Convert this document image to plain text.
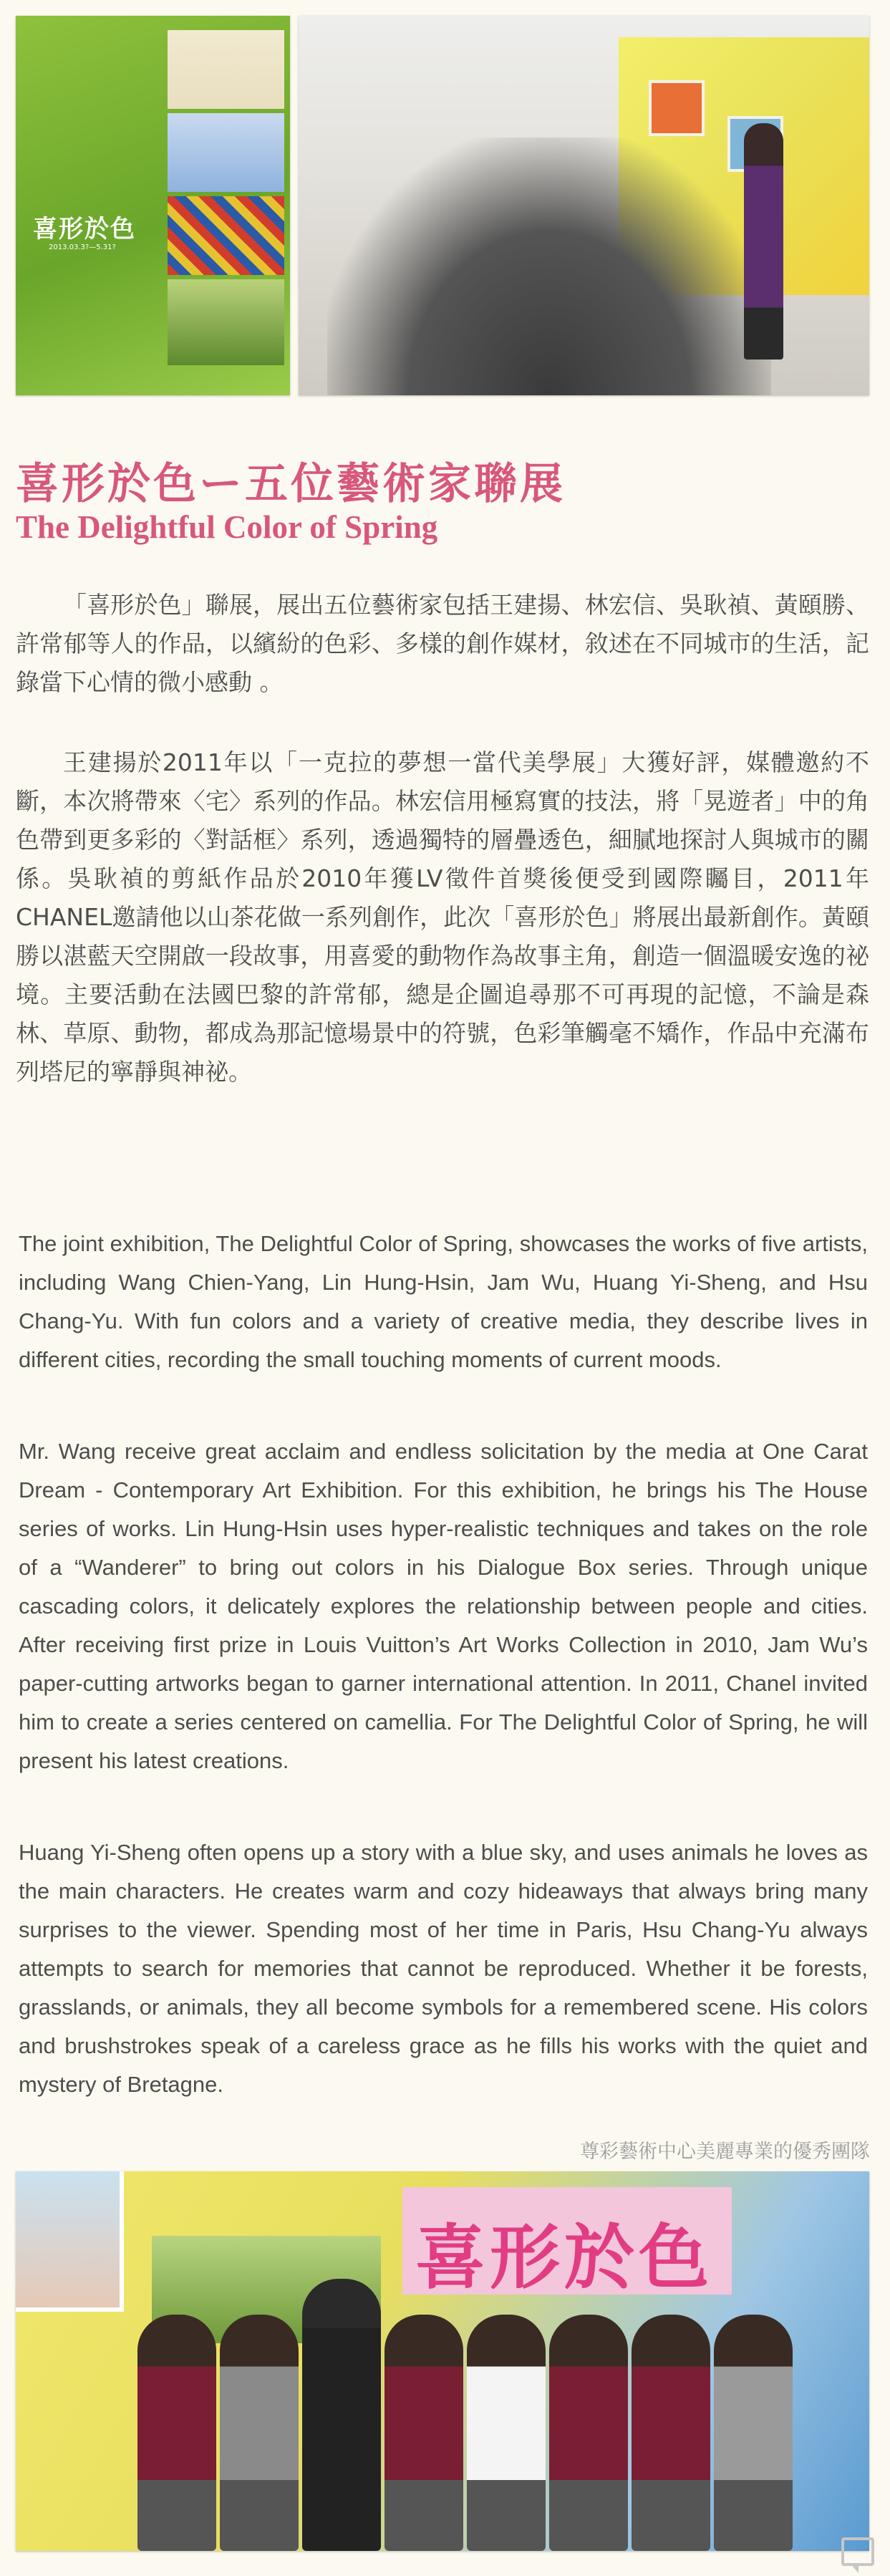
喜形於色
2013.03.3?—5.31?
喜形於色ー五位藝術家聯展
The Delightful Color of Spring

「喜形於色」聯展，展出五位藝術家包括王建揚、林宏信、吳耿禎、黃頤勝、許常郁等人的作品，以繽紛的色彩、多樣的創作媒材，敘述在不同城市的生活，記錄當下心情的微小感動 。

王建揚於2011年以「一克拉的夢想一當代美學展」大獲好評，媒體邀約不斷，本次將帶來〈宅〉系列的作品。林宏信用極寫實的技法，將「晃遊者」中的角色帶到更多彩的〈對話框〉系列，透過獨特的層疊透色，細膩地探討人與城市的關係。吳耿禎的剪紙作品於2010年獲LV徵件首獎後便受到國際矚目，2011年CHANEL邀請他以山茶花做一系列創作，此次「喜形於色」將展出最新創作。黃頤勝以湛藍天空開啟一段故事，用喜愛的動物作為故事主角，創造一個溫暖安逸的祕境。主要活動在法國巴黎的許常郁，總是企圖追尋那不可再現的記憶，不論是森林、草原、動物，都成為那記憶場景中的符號，色彩筆觸毫不矯作，作品中充滿布列塔尼的寧靜與神祕。

The joint exhibition, The Delightful Color of Spring, showcases the works of five artists, including Wang Chien-Yang, Lin Hung-Hsin, Jam Wu, Huang Yi-Sheng, and Hsu Chang-Yu. With fun colors and a variety of creative media, they describe lives in different cities, recording the small touching moments of current moods.

Mr. Wang receive great acclaim and endless solicitation by the media at One Carat Dream - Contemporary Art Exhibition. For this exhibition, he brings his The House series of works. Lin Hung-Hsin uses hyper-realistic techniques and takes on the role of a “Wanderer” to bring out colors in his Dialogue Box series. Through unique cascading colors, it delicately explores the relationship between people and cities. After receiving first prize in Louis Vuitton’s Art Works Collection in 2010, Jam Wu’s paper-cutting artworks began to garner international attention. In 2011, Chanel invited him to create a series centered on camellia. For The Delightful Color of Spring, he will present his latest creations.

Huang Yi-Sheng often opens up a story with a blue sky, and uses animals he loves as the main characters. He creates warm and cozy hideaways that always bring many surprises to the viewer. Spending most of her time in Paris, Hsu Chang-Yu always attempts to search for memories that cannot be reproduced. Whether it be forests, grasslands, or animals, they all become symbols for a remembered scene. His colors and brushstrokes speak of a careless grace as he fills his works with the quiet and mystery of Bretagne.

尊彩藝術中心美麗專業的優秀團隊

喜形於色
